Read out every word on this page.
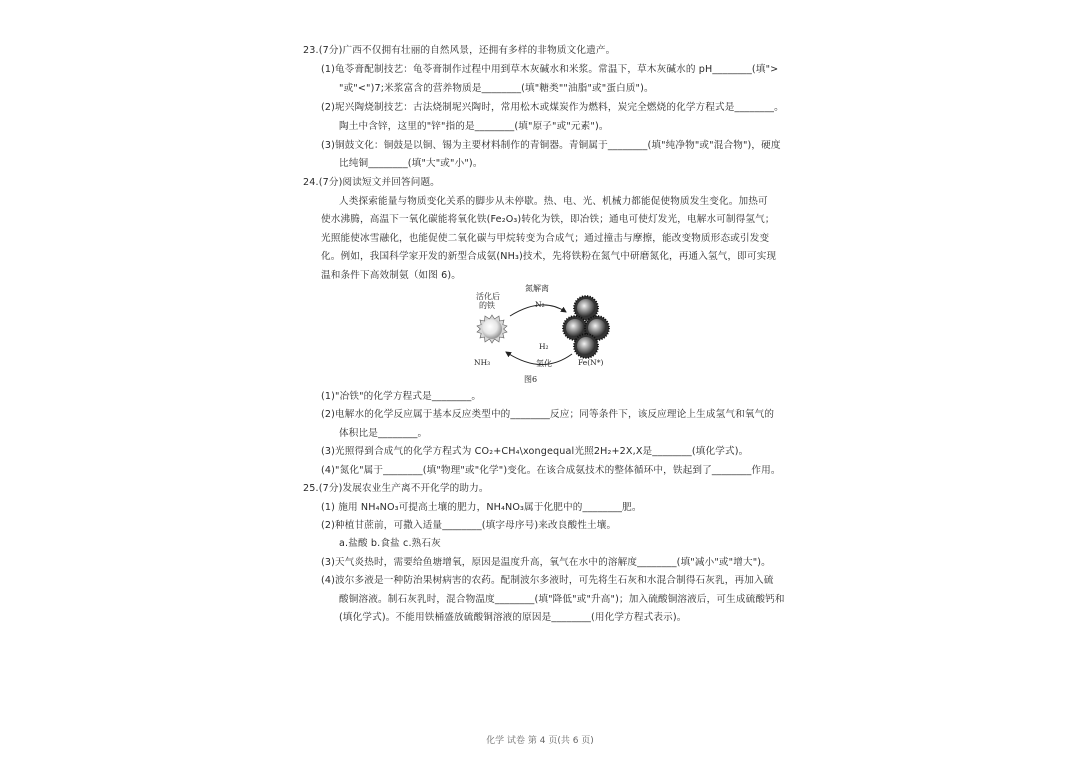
23.(7分)广西不仅拥有壮丽的自然风景，还拥有多样的非物质文化遗产。
(1)龟苓膏配制技艺：龟苓膏制作过程中用到草木灰碱水和米浆。常温下，草木灰碱水的 pH________(填">
"或"<")7;米浆富含的营养物质是________(填"糖类""油脂"或"蛋白质")。
(2)坭兴陶烧制技艺：古法烧制坭兴陶时，常用松木或煤炭作为燃料，炭完全燃烧的化学方程式是________。
陶土中含锌，这里的"锌"指的是________(填"原子"或"元素")。
(3)铜鼓文化：铜鼓是以铜、锡为主要材料制作的青铜器。青铜属于________(填"纯净物"或"混合物")，硬度
比纯铜________(填"大"或"小")。
24.(7分)阅读短文并回答问题。
人类探索能量与物质变化关系的脚步从未停歇。热、电、光、机械力都能促使物质发生变化。加热可
使水沸腾，高温下一氧化碳能将氧化铁(Fe₂O₃)转化为铁，即冶铁；通电可使灯发光，电解水可制得氢气；
光照能使冰雪融化，也能促使二氧化碳与甲烷转变为合成气；通过撞击与摩擦，能改变物质形态或引发变
化。例如，我国科学家开发的新型合成氨(NH₃)技术，先将铁粉在氮气中研磨氮化，再通入氢气，即可实现
温和条件下高效制氨（如图 6)。
活化后
的铁
氮解离
N₂
H₂
氢化
NH₃	Fe(N*)
图6
(1)"冶铁"的化学方程式是________。
(2)电解水的化学反应属于基本反应类型中的________反应；同等条件下，该反应理论上生成氢气和氧气的
体积比是________。
(3)光照得到合成气的化学方程式为 CO₂+CH₄\xongequal光照2H₂+2X,X是________(填化学式)。
(4)"氮化"属于________(填"物理"或"化学")变化。在该合成氨技术的整体循环中，铁起到了________作用。
25.(7分)发展农业生产离不开化学的助力。
(1) 施用 NH₄NO₃可提高土壤的肥力，NH₄NO₃属于化肥中的________肥。
(2)种植甘蔗前，可撒入适量________(填字母序号)来改良酸性土壤。
a.盐酸 b.食盐 c.熟石灰
(3)天气炎热时，需要给鱼塘增氧，原因是温度升高，氧气在水中的溶解度________(填"减小"或"增大")。
(4)波尔多液是一种防治果树病害的农药。配制波尔多液时，可先将生石灰和水混合制得石灰乳，再加入硫
酸铜溶液。制石灰乳时，混合物温度________(填"降低"或"升高")；加入硫酸铜溶液后，可生成硫酸钙和
(填化学式)。不能用铁桶盛放硫酸铜溶液的原因是________(用化学方程式表示)。
化学 试卷 第 4 页(共 6 页)
